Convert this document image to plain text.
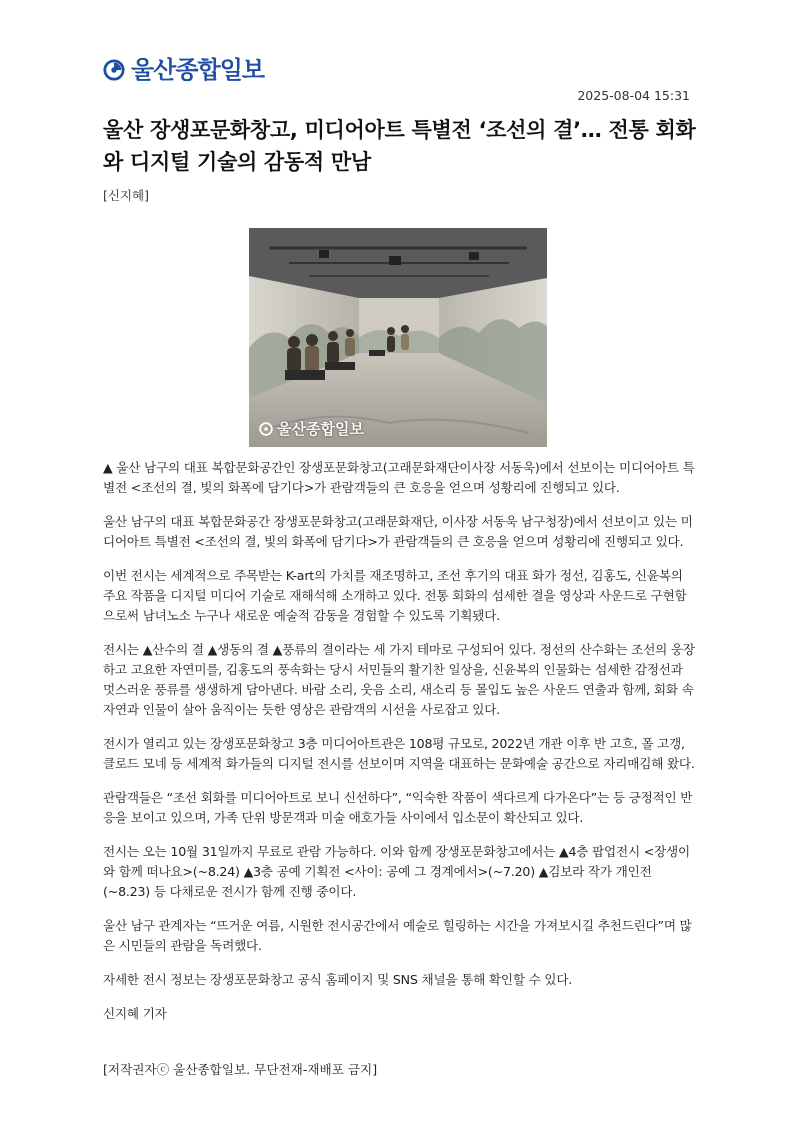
울산종합일보
2025-08-04 15:31
울산 장생포문화창고, 미디어아트 특별전 ‘조선의 결’… 전통 회화와 디지털 기술의 감동적 만남
[신지혜]
울산종합일보

▲ 울산 남구의 대표 복합문화공간인 장생포문화창고(고래문화재단이사장 서동욱)에서 선보이는 미디어아트 특별전 <조선의 결, 빛의 화폭에 담기다>가 관람객들의 큰 호응을 얻으며 성황리에 진행되고 있다.

울산 남구의 대표 복합문화공간 장생포문화창고(고래문화재단, 이사장 서동욱 남구청장)에서 선보이고 있는 미디어아트 특별전 <조선의 결, 빛의 화폭에 담기다>가 관람객들의 큰 호응을 얻으며 성황리에 진행되고 있다.

이번 전시는 세계적으로 주목받는 K-art의 가치를 재조명하고, 조선 후기의 대표 화가 정선, 김홍도, 신윤복의 주요 작품을 디지털 미디어 기술로 재해석해 소개하고 있다. 전통 회화의 섬세한 결을 영상과 사운드로 구현함으로써 남녀노소 누구나 새로운 예술적 감동을 경험할 수 있도록 기획됐다.

전시는 ▲산수의 결 ▲생동의 결 ▲풍류의 결이라는 세 가지 테마로 구성되어 있다. 정선의 산수화는 조선의 웅장하고 고요한 자연미를, 김홍도의 풍속화는 당시 서민들의 활기찬 일상을, 신윤복의 인물화는 섬세한 감정선과 멋스러운 풍류를 생생하게 담아낸다. 바람 소리, 웃음 소리, 새소리 등 몰입도 높은 사운드 연출과 함께, 회화 속 자연과 인물이 살아 움직이는 듯한 영상은 관람객의 시선을 사로잡고 있다.

전시가 열리고 있는 장생포문화창고 3층 미디어아트관은 108평 규모로, 2022년 개관 이후 반 고흐, 폴 고갱, 클로드 모네 등 세계적 화가들의 디지털 전시를 선보이며 지역을 대표하는 문화예술 공간으로 자리매김해 왔다.

관람객들은 “조선 회화를 미디어아트로 보니 신선하다”, “익숙한 작품이 색다르게 다가온다”는 등 긍정적인 반응을 보이고 있으며, 가족 단위 방문객과 미술 애호가들 사이에서 입소문이 확산되고 있다.

전시는 오는 10월 31일까지 무료로 관람 가능하다. 이와 함께 장생포문화창고에서는 ▲4층 팝업전시 <장생이와 함께 떠나요>(~8.24) ▲3층 공예 기획전 <사이: 공예 그 경계에서>(~7.20) ▲김보라 작가 개인전 (~8.23) 등 다채로운 전시가 함께 진행 중이다.

울산 남구 관계자는 “뜨거운 여름, 시원한 전시공간에서 예술로 힐링하는 시간을 가져보시길 추천드린다”며 많은 시민들의 관람을 독려했다.

자세한 전시 정보는 장생포문화창고 공식 홈페이지 및 SNS 채널을 통해 확인할 수 있다.

신지혜 기자

[저작권자ⓒ 울산종합일보. 무단전재-재배포 금지]
